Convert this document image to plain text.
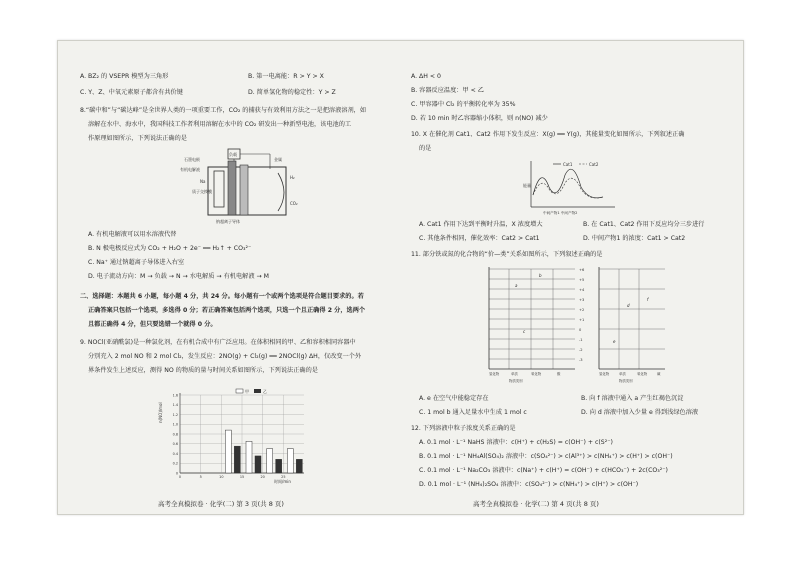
A. BZ₂ 的 VSEPR 模型为三角形	B. 第一电离能：R > Y > X
C. Y、Z、中氧元素原子都含有共价键	D. 简单氢化物的稳定性：Y > Z
8.“碳中和”与“碳达峰”是全世界人类的一项重要工作，CO₂ 的捕获与有效利用方法之一是把溶液溶剂，如
溶解在水中、海水中，我国科技工作者利用溶解在水中的 CO₂ 研发出一种新型电池，该电池的工
作原理如图所示，下列说法正确的是
石墨电极
负载
有机电解液
金属
H₂
CO₂
质子交换膜
Na
钠超离子导体
A. 有机电解液可以用水溶液代替
B. N 极电极反应式为 CO₂ + H₂O + 2e⁻ ══ H₂↑ + CO₃²⁻
C. Na⁺ 通过钠超离子导体进入右室
D. 电子流动方向：M → 负载 → N → 水电解质 → 有机电解液 → M
二、选择题：本题共 6 小题，每小题 4 分，共 24 分。每小题有一个或两个选项是符合题目要求的。若
正确答案只包括一个选项，多选得 0 分；若正确答案包括两个选项，只选一个且正确得 2 分，选两个
且都正确得 4 分，但只要选错一个就得 0 分。
9. NOCl(亚硝酰氯)是一种氯化剂，在有机合成中有广泛应用。在体积相同的甲、乙和容积相同容器中
分别充入 2 mol NO 和 2 mol Cl₂，发生反应：2NO(g) + Cl₂(g) ══ 2NOCl(g) ΔH，仅改变一个外
界条件发生上述反应，测得 NO 的物质的量与时间关系如图所示，下列说法正确的是
0
0.2
0.4
0.6
0.8
1.0
1.2
1.4
1.6
0	5	10	15	20	25
n(NO)/mol
时间/min
甲	乙
高考全真模拟卷 · 化学(二) 第 3 页(共 8 页)
A. ΔH < 0
B. 容器反应温度：甲 < 乙
C. 甲容器中 Cl₂ 的平衡转化率为 35%
D. 若 10 min 时乙容器缩小体积，则 n(NO) 减少
10. X 在催化剂 Cat1、Cat2 作用下发生反应：X(g) ══ Y(g)，其能量变化如图所示，下列叙述正确
的是
Cat1	Cat2
能量
中间产物1 中间产物2
A. Cat1 作用下达到平衡时升温，X 浓度增大	B. 在 Cat1、Cat2 作用下反应均分三步进行
C. 其他条件相同，催化效率：Cat2 > Cat1	D. 中间产物1 的浓度：Cat1 > Cat2
11. 部分铁或氮的化合物的“价—类”关系如图所示，下列叙述正确的是
+6
+5
+4
+3
+2
+1
0
-1
-2
-3
a
b
c
d
e
f
氢化物	单质	氧化物	酸
物质类别
氢化物	单质	氧化物	碱
物质类别
A. e 在空气中能稳定存在	B. 向 f 溶液中通入 a 产生红褐色沉淀
C. 1 mol b 通入足量水中生成 1 mol c	D. 向 d 溶液中加入少量 e 得到浅绿色溶液
12. 下列溶液中粒子浓度关系正确的是
A. 0.1 mol · L⁻¹ NaHS 溶液中：c(H⁺) + c(H₂S) = c(OH⁻) + c(S²⁻)
B. 0.1 mol · L⁻¹ NH₄Al(SO₄)₂ 溶液中：c(SO₄²⁻) > c(Al³⁺) > c(NH₄⁺) > c(H⁺) > c(OH⁻)
C. 0.1 mol · L⁻¹ Na₂CO₃ 溶液中：c(Na⁺) + c(H⁺) = c(OH⁻) + c(HCO₃⁻) + 2c(CO₃²⁻)
D. 0.1 mol · L⁻¹ (NH₄)₂SO₄ 溶液中：c(SO₄²⁻) > c(NH₄⁺) > c(H⁺) > c(OH⁻)
高考全真模拟卷 · 化学(二) 第 4 页(共 8 页)
